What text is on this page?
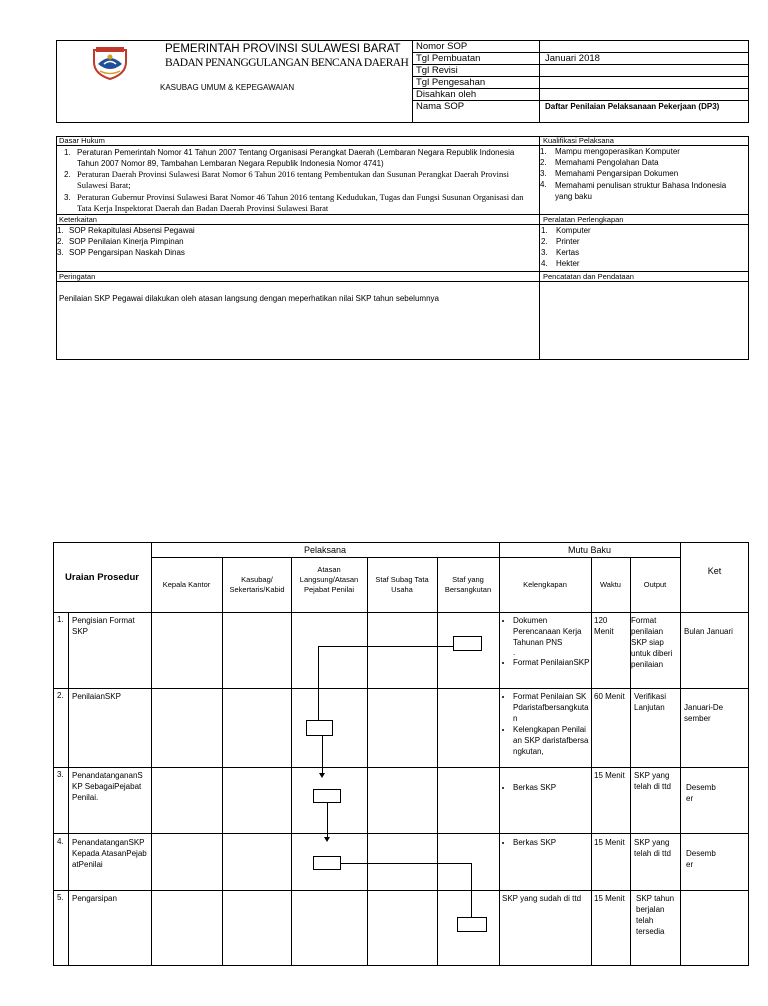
PEMERINTAH PROVINSI SULAWESI BARAT
BADAN PENANGGULANGAN BENCANA DAERAH
KASUBAG UMUM & KEPEGAWAIAN
Nomor SOP
Tgl Pembuatan	Januari 2018
Tgl Revisi
Tgl Pengesahan
Disahkan oleh
Nama SOP	Daftar Penilaian Pelaksanaan Pekerjaan (DP3)
Dasar Hukum	Kualifikasi Pelaksana
1. Peraturan Pemerintah Nomor 41 Tahun 2007 Tentang Organisasi Perangkat Daerah (Lembaran Negara Republik Indonesia Tahun 2007 Nomor 89, Tambahan Lembaran Negara Republik Indonesia Nomor 4741)
2. Peraturan Daerah Provinsi Sulawesi Barat Nomor 6 Tahun 2016 tentang Pembentukan dan Susunan Perangkat Daerah Provinsi Sulawesi Barat;
3. Peraturan Gubernur Provinsi Sulawesi Barat Nomor 46 Tahun 2016 tentang Kedudukan, Tugas dan Fungsi Susunan Organisasi dan Tata Kerja Inspektorat Daerah dan Badan Daerah Provinsi Sulawesi Barat
1. Mampu mengoperasikan Komputer
2. Memahami Pengolahan Data
3. Memahami Pengarsipan Dokumen
4. Memahami penulisan struktur Bahasa Indonesia yang baku
Keterkaitan	Peralatan Perlengkapan
1. SOP Rekapitulasi Absensi Pegawai
2. SOP Penilaian Kinerja Pimpinan
3. SOP Pengarsipan Naskah Dinas
1. Komputer
2. Printer
3. Kertas
4. Hekter
Peringatan	Pencatatan dan Pendataan
Penilaian SKP Pegawai dilakukan oleh atasan langsung dengan meperhatikan nilai SKP tahun sebelumnya
Uraian Prosedur
Pelaksana	Mutu Baku
Ket
Kepala Kantor
Kasubag/ Sekertaris/Kabid
Atasan Langsung/Atasan Pejabat Penilai
Staf Subag Tata Usaha
Staf yang Bersangkutan
Kelengkapan	Waktu	Output
1. Pengisian Format SKP
• Dokumen Perencanaan Kerja Tahunan PNS
.
• Format PenilaianSKP
120 Menit
Format penilaian SKP siap untuk diberi penilaian
Bulan Januari
2. PenilaianSKP
•	Format Penilaian SKPdaristafbersangkutan
• Kelengkapan Penilaian SKP daristafbersangkutan,
60 Menit	Verifikasi Lanjutan	Januari-Desember
3. PenandatangananSKP SebagaiPejabatPenilai.
• Berkas SKP
15 Menit	SKP yang telah di ttd	Desember
4. PenandatanganSKP Kepada AtasanPejabatPenilai
• Berkas SKP	15 Menit	SKP yang telah di ttd	Desember
5. Pengarsipan	SKP yang sudah di ttd	15 Menit	SKP tahun berjalan telah tersedia
